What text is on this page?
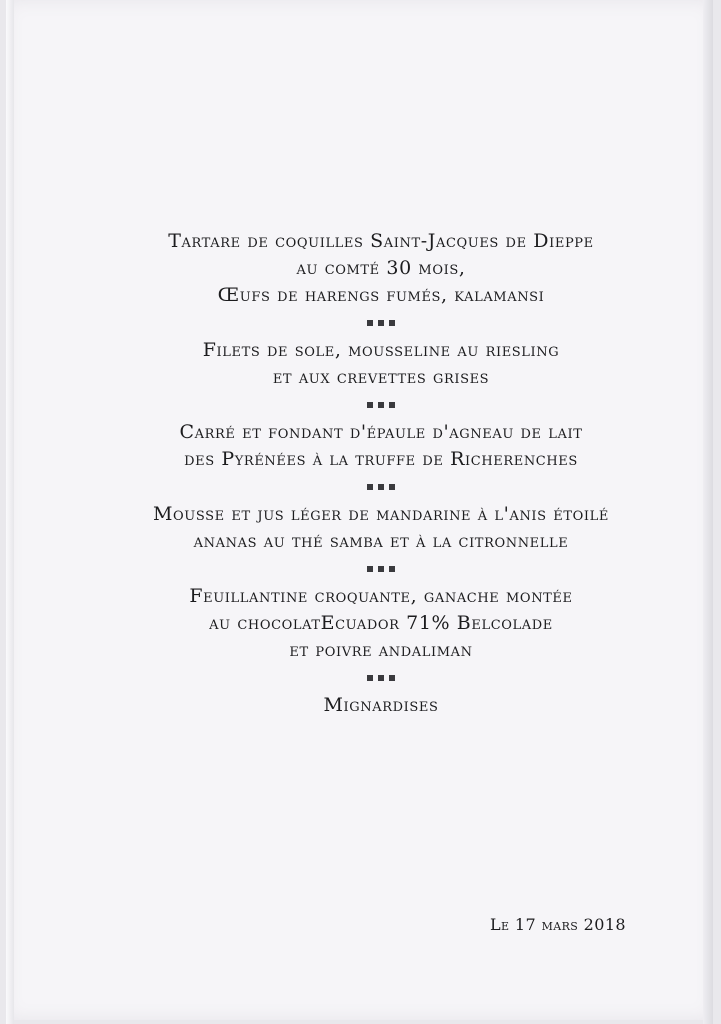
Tartare de coquilles Saint-Jacques de Dieppe
au comté 30 mois,
Œufs de harengs fumés, kalamansi
Filets de sole, mousseline au riesling
et aux crevettes grises
Carré et fondant d'épaule d'agneau de lait
des Pyrénées à la truffe de Richerenches
Mousse et jus léger de mandarine à l'anis étoilé
ananas au thé samba et à la citronnelle
Feuillantine croquante, ganache montée
au chocolatEcuador 71% Belcolade
et poivre andaliman
Mignardises
Le 17 mars 2018
